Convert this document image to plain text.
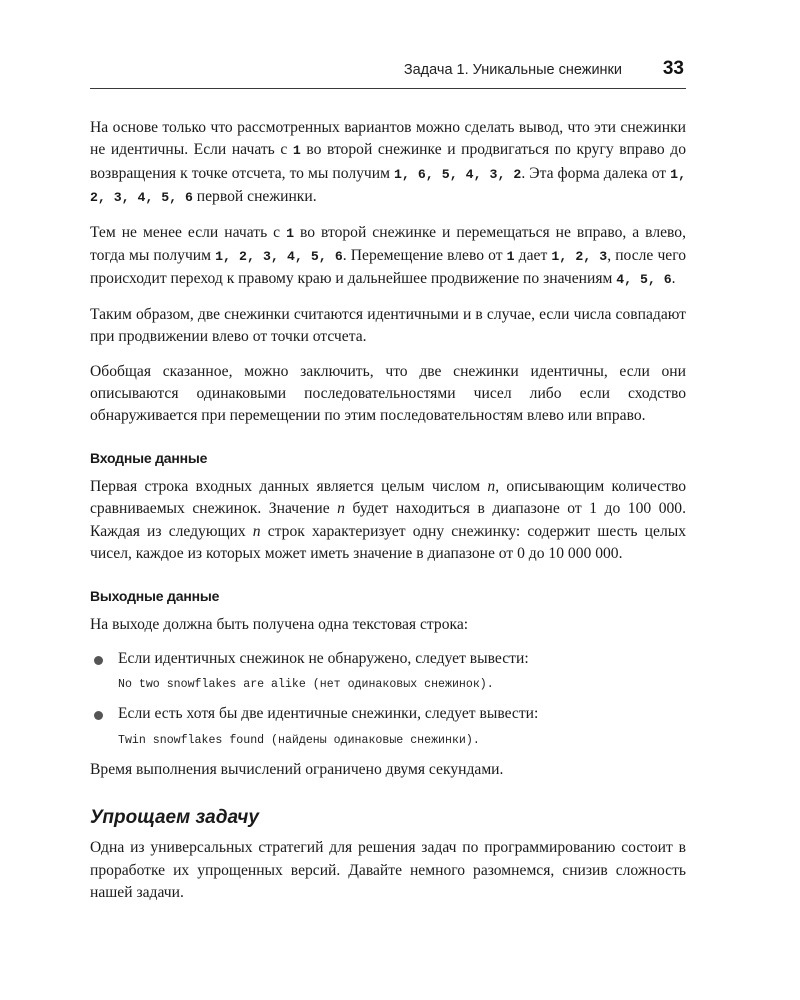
Задача 1. Уникальные снежинки 33

На основе только что рассмотренных вариантов можно сделать вывод, что эти снежинки не идентичны. Если начать с 1 во второй снежинке и продвигаться по кругу вправо до возвращения к точке отсчета, то мы получим 1, 6, 5, 4, 3, 2. Эта форма далека от 1, 2, 3, 4, 5, 6 первой снежинки.

Тем не менее если начать с 1 во второй снежинке и перемещаться не вправо, а влево, тогда мы получим 1, 2, 3, 4, 5, 6. Перемещение влево от 1 дает 1, 2, 3, после чего происходит переход к правому краю и дальнейшее продвижение по значениям 4, 5, 6.

Таким образом, две снежинки считаются идентичными и в случае, если числа совпадают при продвижении влево от точки отсчета.

Обобщая сказанное, можно заключить, что две снежинки идентичны, если они описываются одинаковыми последовательностями чисел либо если сходство обнаруживается при перемещении по этим последовательностям влево или вправо.

Входные данные

Первая строка входных данных является целым числом n, описывающим количество сравниваемых снежинок. Значение n будет находиться в диапазоне от 1 до 100 000. Каждая из следующих n строк характеризует одну снежинку: содержит шесть целых чисел, каждое из которых может иметь значение в диапазоне от 0 до 10 000 000.

Выходные данные

На выходе должна быть получена одна текстовая строка:

Если идентичных снежинок не обнаружено, следует вывести:
No two snowflakes are alike (нет одинаковых снежинок).
Если есть хотя бы две идентичные снежинки, следует вывести:
Twin snowflakes found (найдены одинаковые снежинки).

Время выполнения вычислений ограничено двумя секундами.

Упрощаем задачу

Одна из универсальных стратегий для решения задач по программированию состоит в проработке их упрощенных версий. Давайте немного разомнемся, снизив сложность нашей задачи.
